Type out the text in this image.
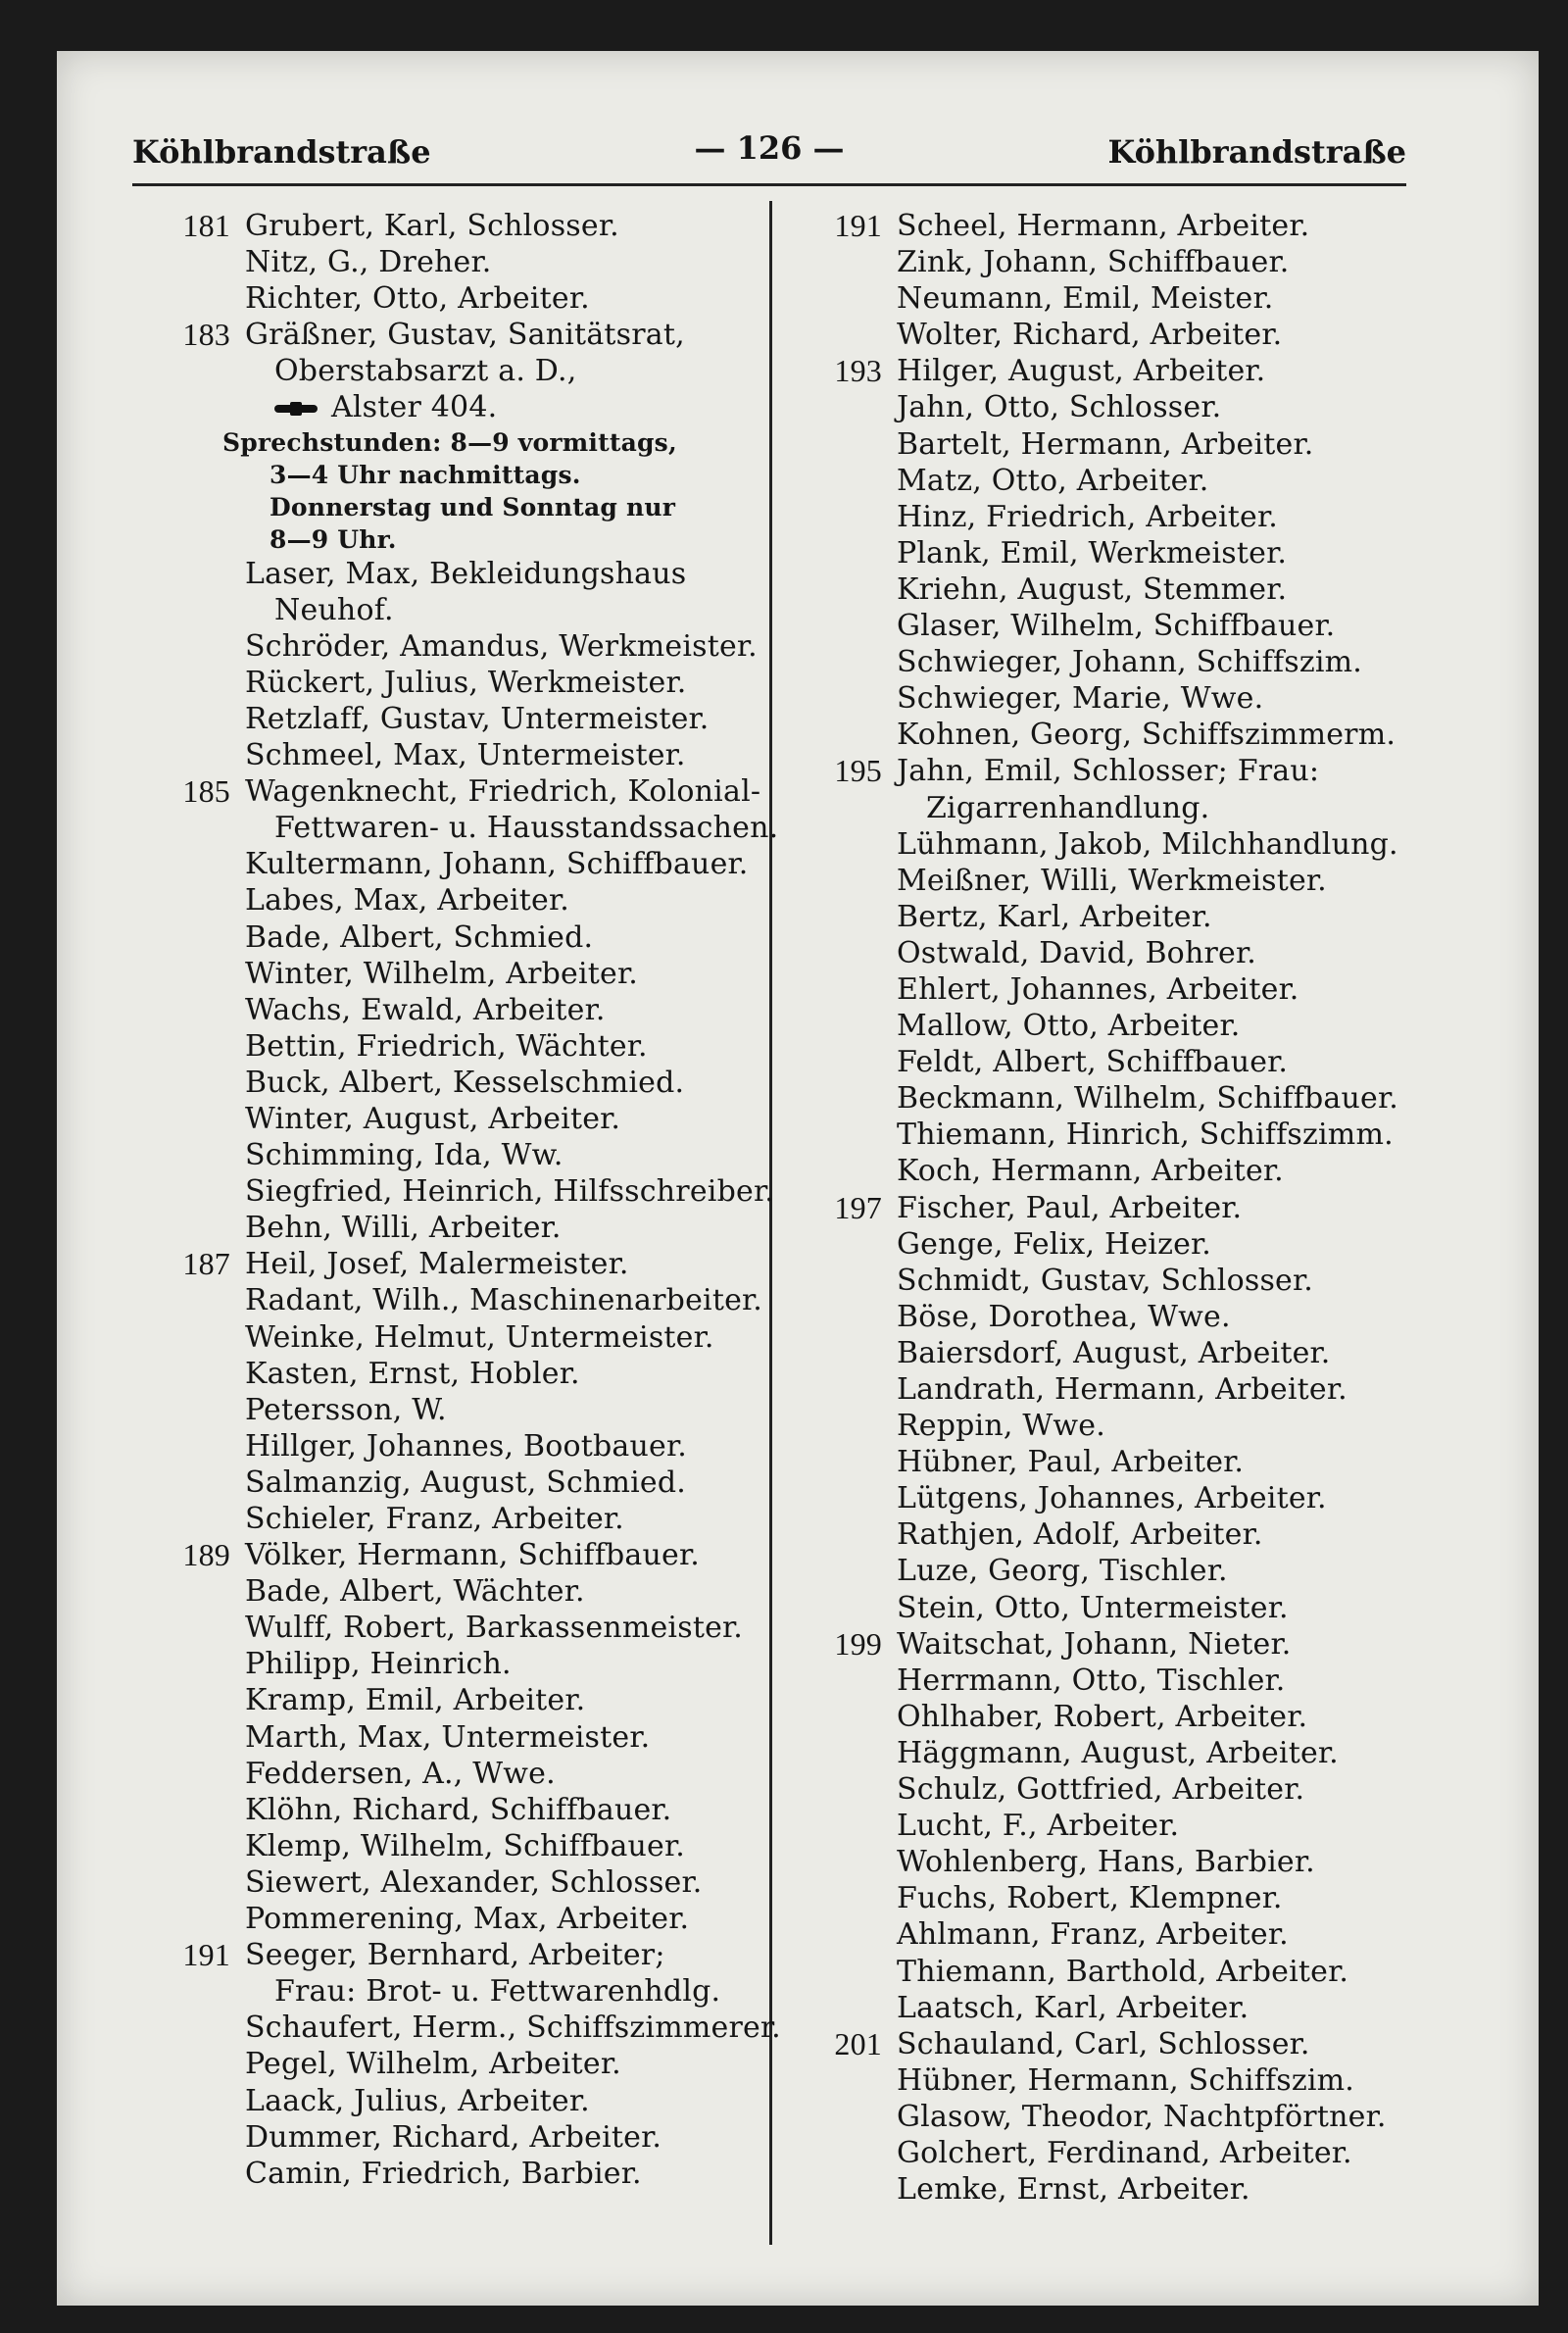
Köhlbrandstraße	— 126 —	Köhlbrandstraße
181 Grubert, Karl, Schlosser.
Nitz, G., Dreher.
Richter, Otto, Arbeiter.
183 Gräßner, Gustav, Sanitätsrat,
Oberstabsarzt a. D.,
Alster 404.
Sprechstunden: 8—9 vormittags,
3—4 Uhr nachmittags.
Donnerstag und Sonntag nur
8—9 Uhr.
Laser, Max, Bekleidungshaus
Neuhof.
Schröder, Amandus, Werkmeister.
Rückert, Julius, Werkmeister.
Retzlaff, Gustav, Untermeister.
Schmeel, Max, Untermeister.
185 Wagenknecht, Friedrich, Kolonial-
Fettwaren- u. Hausstandssachen.
Kultermann, Johann, Schiffbauer.
Labes, Max, Arbeiter.
Bade, Albert, Schmied.
Winter, Wilhelm, Arbeiter.
Wachs, Ewald, Arbeiter.
Bettin, Friedrich, Wächter.
Buck, Albert, Kesselschmied.
Winter, August, Arbeiter.
Schimming, Ida, Ww.
Siegfried, Heinrich, Hilfsschreiber.
Behn, Willi, Arbeiter.
187 Heil, Josef, Malermeister.
Radant, Wilh., Maschinenarbeiter.
Weinke, Helmut, Untermeister.
Kasten, Ernst, Hobler.
Petersson, W.
Hillger, Johannes, Bootbauer.
Salmanzig, August, Schmied.
Schieler, Franz, Arbeiter.
189 Völker, Hermann, Schiffbauer.
Bade, Albert, Wächter.
Wulff, Robert, Barkassenmeister.
Philipp, Heinrich.
Kramp, Emil, Arbeiter.
Marth, Max, Untermeister.
Feddersen, A., Wwe.
Klöhn, Richard, Schiffbauer.
Klemp, Wilhelm, Schiffbauer.
Siewert, Alexander, Schlosser.
Pommerening, Max, Arbeiter.
191 Seeger, Bernhard, Arbeiter;
Frau: Brot- u. Fettwarenhdlg.
Schaufert, Herm., Schiffszimmerer.
Pegel, Wilhelm, Arbeiter.
Laack, Julius, Arbeiter.
Dummer, Richard, Arbeiter.
Camin, Friedrich, Barbier.
191 Scheel, Hermann, Arbeiter.
Zink, Johann, Schiffbauer.
Neumann, Emil, Meister.
Wolter, Richard, Arbeiter.
193 Hilger, August, Arbeiter.
Jahn, Otto, Schlosser.
Bartelt, Hermann, Arbeiter.
Matz, Otto, Arbeiter.
Hinz, Friedrich, Arbeiter.
Plank, Emil, Werkmeister.
Kriehn, August, Stemmer.
Glaser, Wilhelm, Schiffbauer.
Schwieger, Johann, Schiffszim.
Schwieger, Marie, Wwe.
Kohnen, Georg, Schiffszimmerm.
195 Jahn, Emil, Schlosser; Frau:
Zigarrenhandlung.
Lühmann, Jakob, Milchhandlung.
Meißner, Willi, Werkmeister.
Bertz, Karl, Arbeiter.
Ostwald, David, Bohrer.
Ehlert, Johannes, Arbeiter.
Mallow, Otto, Arbeiter.
Feldt, Albert, Schiffbauer.
Beckmann, Wilhelm, Schiffbauer.
Thiemann, Hinrich, Schiffszimm.
Koch, Hermann, Arbeiter.
197 Fischer, Paul, Arbeiter.
Genge, Felix, Heizer.
Schmidt, Gustav, Schlosser.
Böse, Dorothea, Wwe.
Baiersdorf, August, Arbeiter.
Landrath, Hermann, Arbeiter.
Reppin, Wwe.
Hübner, Paul, Arbeiter.
Lütgens, Johannes, Arbeiter.
Rathjen, Adolf, Arbeiter.
Luze, Georg, Tischler.
Stein, Otto, Untermeister.
199 Waitschat, Johann, Nieter.
Herrmann, Otto, Tischler.
Ohlhaber, Robert, Arbeiter.
Häggmann, August, Arbeiter.
Schulz, Gottfried, Arbeiter.
Lucht, F., Arbeiter.
Wohlenberg, Hans, Barbier.
Fuchs, Robert, Klempner.
Ahlmann, Franz, Arbeiter.
Thiemann, Barthold, Arbeiter.
Laatsch, Karl, Arbeiter.
201 Schauland, Carl, Schlosser.
Hübner, Hermann, Schiffszim.
Glasow, Theodor, Nachtpförtner.
Golchert, Ferdinand, Arbeiter.
Lemke, Ernst, Arbeiter.
